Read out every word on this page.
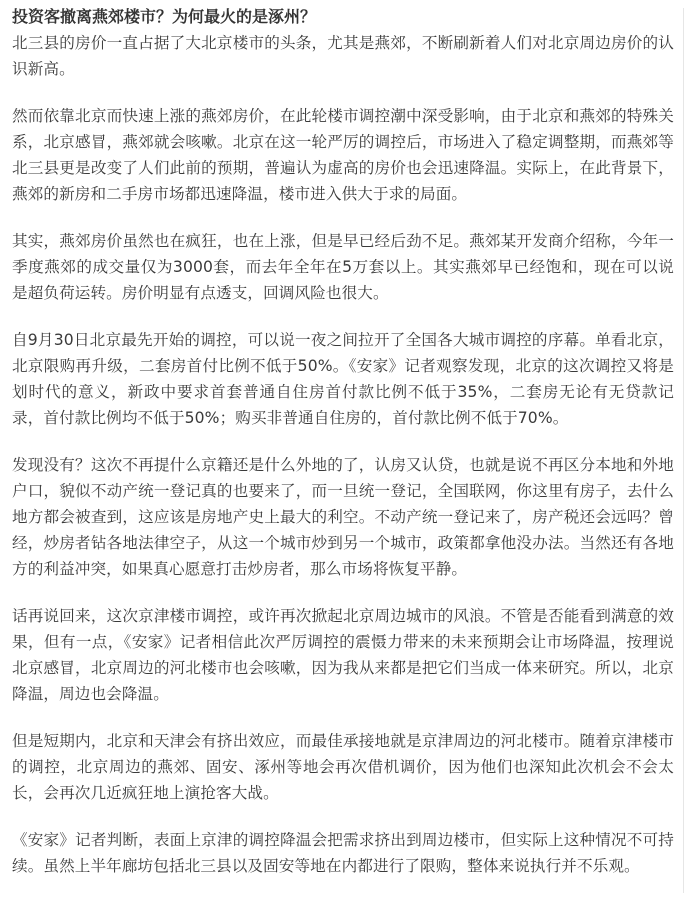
投资客撤离燕郊楼市？为何最火的是涿州？

北三县的房价一直占据了大北京楼市的头条，尤其是燕郊，不断刷新着人们对北京周边房价的认识新高。

然而依靠北京而快速上涨的燕郊房价，在此轮楼市调控潮中深受影响，由于北京和燕郊的特殊关系，北京感冒，燕郊就会咳嗽。北京在这一轮严厉的调控后，市场进入了稳定调整期，而燕郊等北三县更是改变了人们此前的预期，普遍认为虚高的房价也会迅速降温。实际上，在此背景下，燕郊的新房和二手房市场都迅速降温，楼市进入供大于求的局面。

其实，燕郊房价虽然也在疯狂，也在上涨，但是早已经后劲不足。燕郊某开发商介绍称，今年一季度燕郊的成交量仅为3000套，而去年全年在5万套以上。其实燕郊早已经饱和，现在可以说是超负荷运转。房价明显有点透支，回调风险也很大。

自9月30日北京最先开始的调控，可以说一夜之间拉开了全国各大城市调控的序幕。单看北京，北京限购再升级，二套房首付比例不低于50%。《安家》记者观察发现，北京的这次调控又将是划时代的意义，新政中要求首套普通自住房首付款比例不低于35%，二套房无论有无贷款记录，首付款比例均不低于50%；购买非普通自住房的，首付款比例不低于70%。

发现没有？这次不再提什么京籍还是什么外地的了，认房又认贷，也就是说不再区分本地和外地户口，貌似不动产统一登记真的也要来了，而一旦统一登记，全国联网，你这里有房子，去什么地方都会被查到，这应该是房地产史上最大的利空。不动产统一登记来了，房产税还会远吗？曾经，炒房者钻各地法律空子，从这一个城市炒到另一个城市，政策都拿他没办法。当然还有各地方的利益冲突，如果真心愿意打击炒房者，那么市场将恢复平静。

话再说回来，这次京津楼市调控，或许再次掀起北京周边城市的风浪。不管是否能看到满意的效果，但有一点，《安家》记者相信此次严厉调控的震慑力带来的未来预期会让市场降温，按理说北京感冒，北京周边的河北楼市也会咳嗽，因为我从来都是把它们当成一体来研究。所以，北京降温，周边也会降温。

但是短期内，北京和天津会有挤出效应，而最佳承接地就是京津周边的河北楼市。随着京津楼市的调控，北京周边的燕郊、固安、涿州等地会再次借机调价，因为他们也深知此次机会不会太长，会再次几近疯狂地上演抢客大战。

《安家》记者判断，表面上京津的调控降温会把需求挤出到周边楼市，但实际上这种情况不可持续。虽然上半年廊坊包括北三县以及固安等地在内都进行了限购，整体来说执行并不乐观。
